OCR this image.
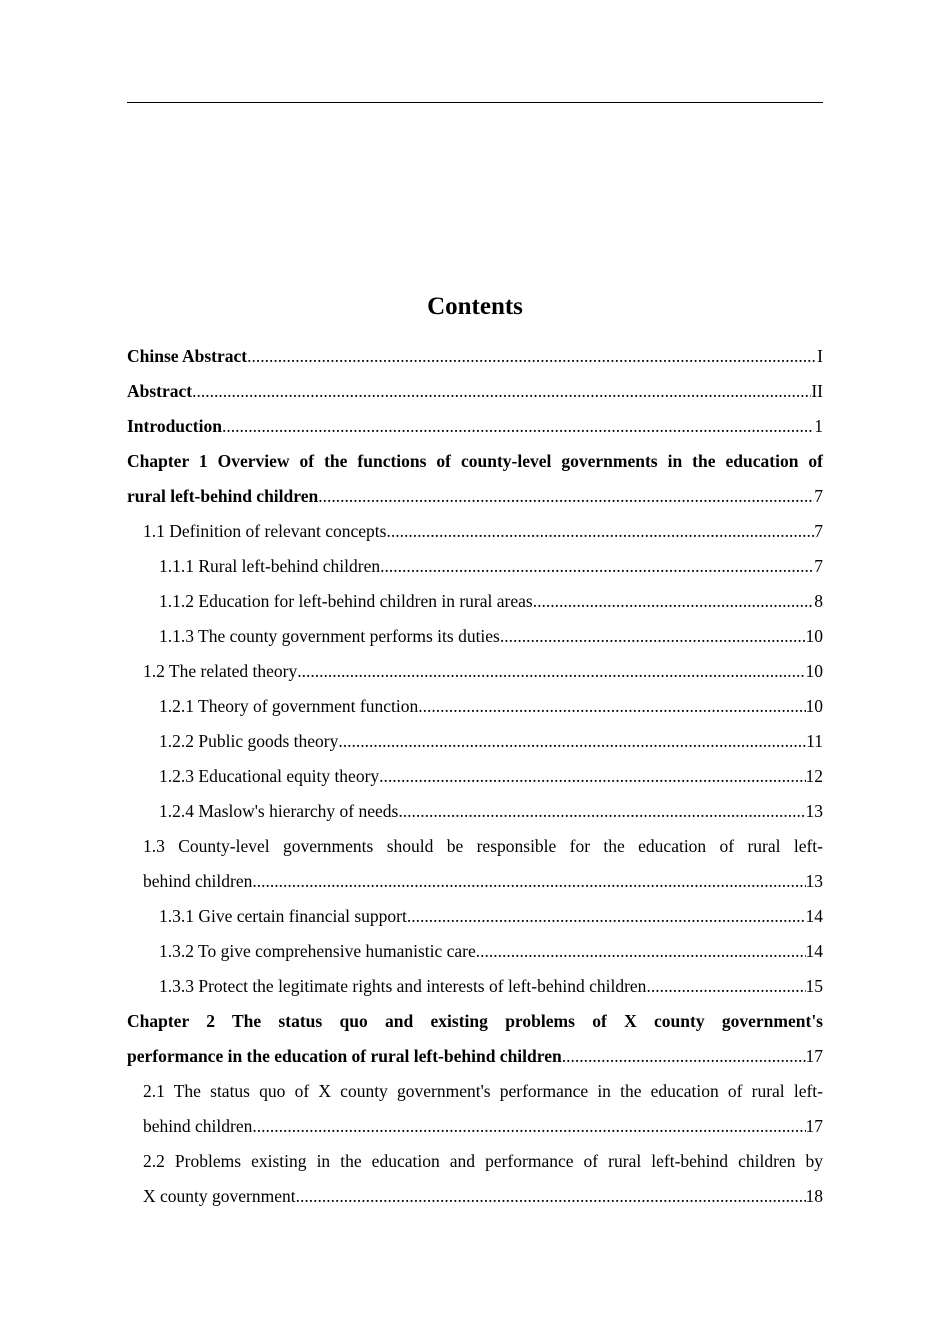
Contents
Chinse Abstract .....	I
Abstract .....	II
Introduction .....	1
Chapter 1 Overview of the functions of county-level governments in the education of
rural left-behind children .....	7
1.1 Definition of relevant concepts .....	7
1.1.1 Rural left-behind children .....	7
1.1.2 Education for left-behind children in rural areas .....	8
1.1.3 The county government performs its duties .....	10
1.2 The related theory .....	10
1.2.1 Theory of government function .....	10
1.2.2 Public goods theory .....	11
1.2.3 Educational equity theory .....	12
1.2.4 Maslow's hierarchy of needs .....	13
1.3 County-level governments should be responsible for the education of rural left-
behind children .....	13
1.3.1 Give certain financial support .....	14
1.3.2 To give comprehensive humanistic care .....	14
1.3.3 Protect the legitimate rights and interests of left-behind children .....	15
Chapter 2 The status quo and existing problems of X county government's
performance in the education of rural left-behind children .....	17
2.1 The status quo of X county government's performance in the education of rural left-
behind children .....	17
2.2 Problems existing in the education and performance of rural left-behind children by
X county government .....	18
